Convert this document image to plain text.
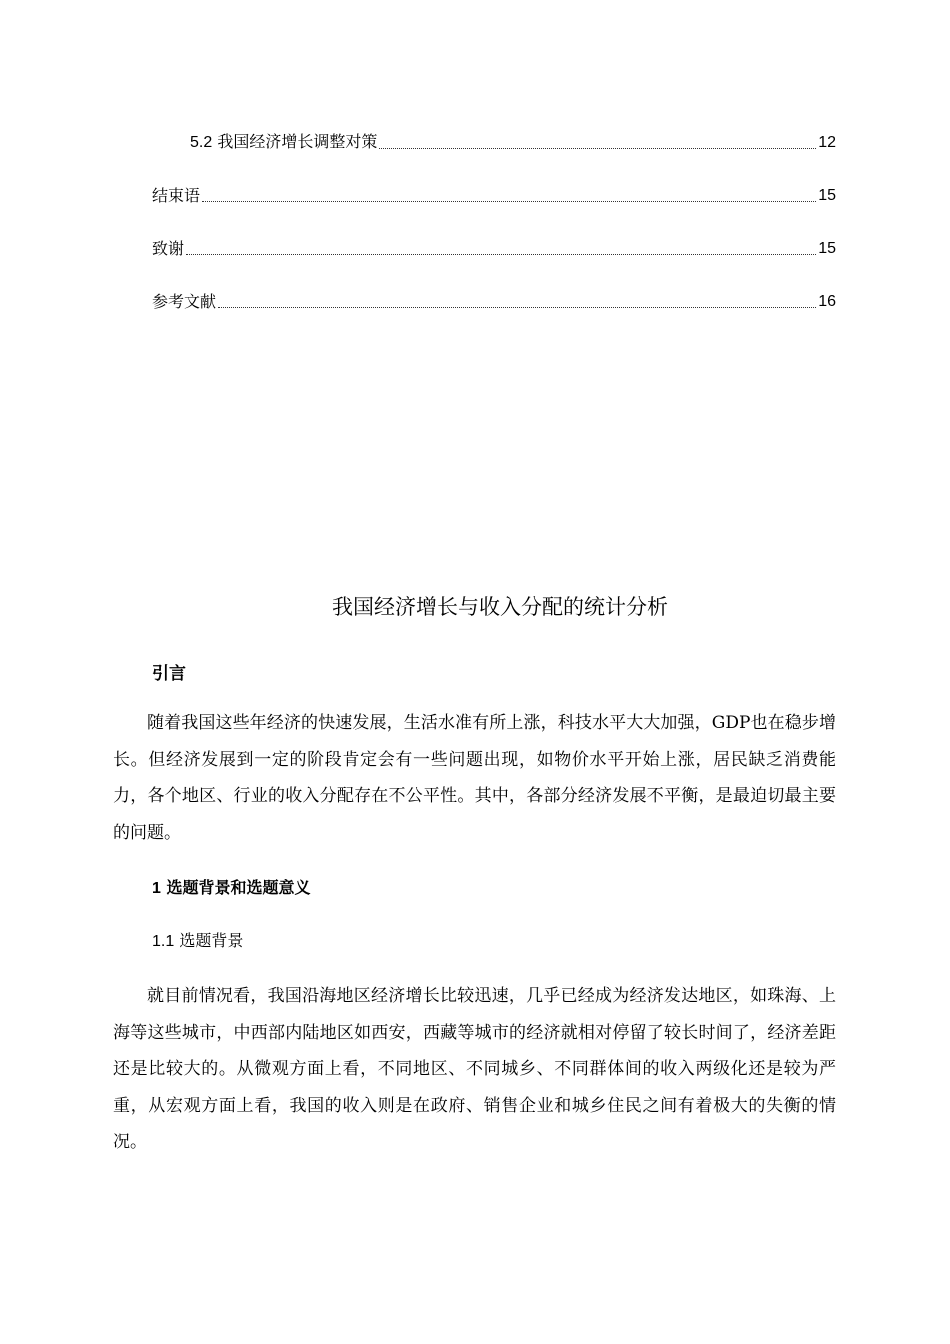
5.2 我国经济增长调整对策	12
结束语	15
致谢	15
参考文献	16
我国经济增长与收入分配的统计分析
引言

随着我国这些年经济的快速发展，生活水准有所上涨，科技水平大大加强，GDP也在稳步增长。但经济发展到一定的阶段肯定会有一些问题出现，如物价水平开始上涨，居民缺乏消费能力，各个地区、行业的收入分配存在不公平性。其中，各部分经济发展不平衡，是最迫切最主要的问题。

1 选题背景和选题意义
1.1 选题背景

就目前情况看，我国沿海地区经济增长比较迅速，几乎已经成为经济发达地区，如珠海、上海等这些城市，中西部内陆地区如西安，西藏等城市的经济就相对停留了较长时间了，经济差距还是比较大的。从微观方面上看，不同地区、不同城乡、不同群体间的收入两级化还是较为严重，从宏观方面上看，我国的收入则是在政府、销售企业和城乡住民之间有着极大的失衡的情况。
